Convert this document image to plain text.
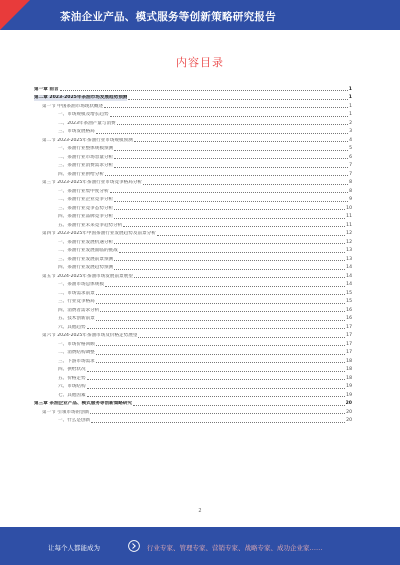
茶油企业产品、模式服务等创新策略研究报告
内容目录
第一章 前言	1
第二章 2023-2025年茶油市场发展趋势预测	1
第一节 中国茶油市场现状概述	1
一、市场规模及增长趋势	1
二、2023年茶油产量与消费	2
三、市场发展格局	3
第二节 2023-2025年茶油行业市场规模预测	4
一、茶油行业整体规模预测	5
二、茶油行业市场容量分析	6
三、茶油行业消费需求分析	7
四、茶油行业供给分析	7
第三节 2023-2025年茶油行业市场竞争格局分析	8
一、茶油行业集中度分析	8
二、茶油行业企业竞争分析	9
三、茶油行业竞争态势分析	10
四、茶油行业品牌竞争分析	11
五、茶油行业未来竞争趋势分析	11
第四节 2023-2025年中国茶油行业发展趋势及前景分析	12
一、茶油行业发展机遇分析	12
二、茶油行业发展面临的挑战	13
三、茶油行业发展前景预测	13
四、茶油行业发展趋势预测	14
第五节 2024-2025年茶油市场发展前景展望	14
一、茶油市场总体规模	14
二、市场需求前景	15
三、行业竞争格局	15
四、消费者需求分析	16
五、技术创新前景	16
六、其他趋势	17
第六节 2024-2025年茶油市场及价格走势展望	17
一、市场价格回顾	17
二、消费结构调整	17
三、下游市场需求	18
四、供给状况	18
五、价格走势	18
六、市场结构	19
七、其他因素	19
第三章 茶油企业产品、模式服务等创新策略研究	20
第一节 引领市场的创新	20
一、什么是创新	20
2
让每个人都能成为	行业专家、管理专家、营销专家、战略专家、成功企业家……
